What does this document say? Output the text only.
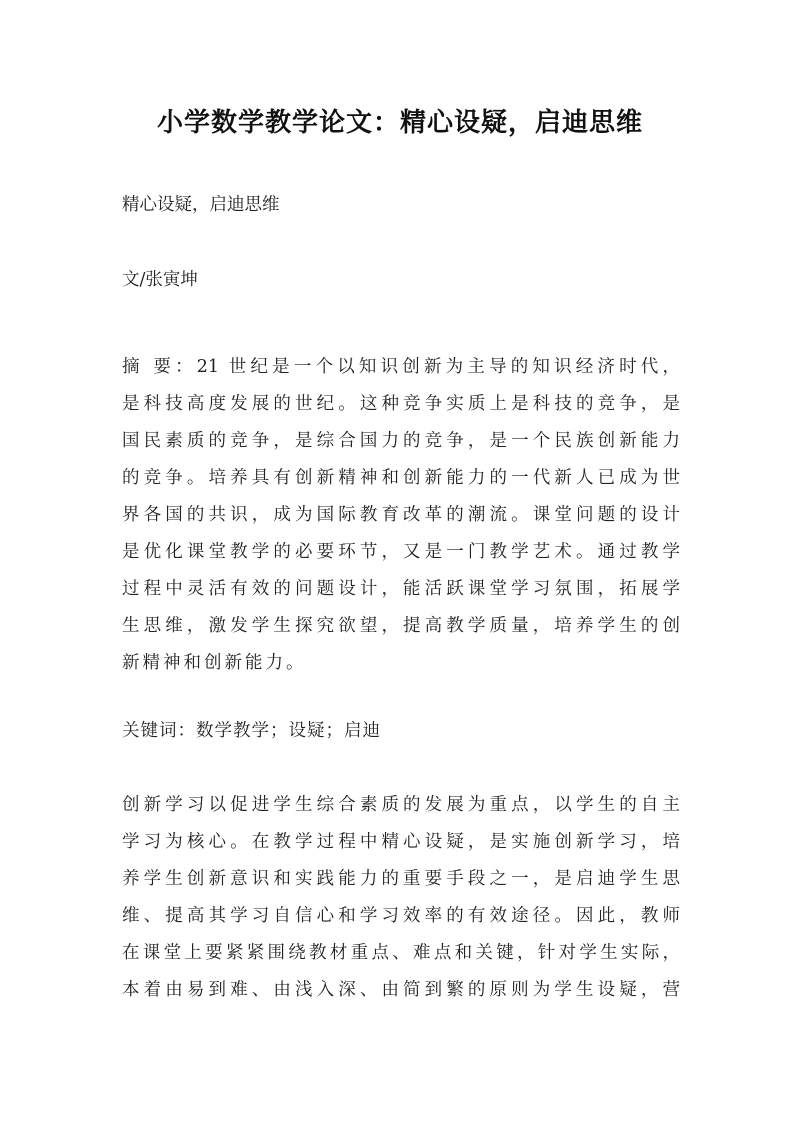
小学数学教学论文：精心设疑，启迪思维
精心设疑，启迪思维
文/张寅坤
摘 要：21 世纪是一个以知识创新为主导的知识经济时代，
是科技高度发展的世纪。这种竞争实质上是科技的竞争，是
国民素质的竞争，是综合国力的竞争，是一个民族创新能力
的竞争。培养具有创新精神和创新能力的一代新人已成为世
界各国的共识，成为国际教育改革的潮流。课堂问题的设计
是优化课堂教学的必要环节，又是一门教学艺术。通过教学
过程中灵活有效的问题设计，能活跃课堂学习氛围，拓展学
生思维，激发学生探究欲望，提高教学质量，培养学生的创
新精神和创新能力。
关键词：数学教学；设疑；启迪
创新学习以促进学生综合素质的发展为重点，以学生的自主
学习为核心。在教学过程中精心设疑，是实施创新学习，培
养学生创新意识和实践能力的重要手段之一，是启迪学生思
维、提高其学习自信心和学习效率的有效途径。因此，教师
在课堂上要紧紧围绕教材重点、难点和关键，针对学生实际，
本着由易到难、由浅入深、由简到繁的原则为学生设疑，营
